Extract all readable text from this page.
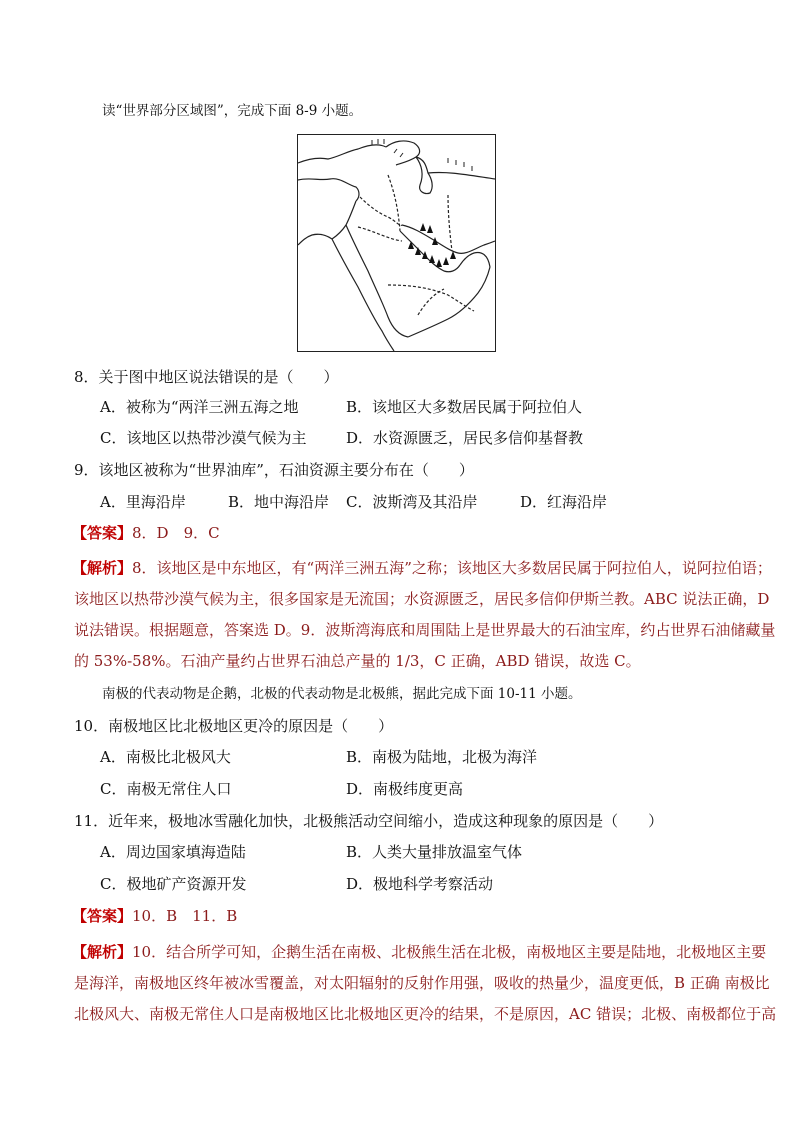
读“世界部分区域图”，完成下面 8-9 小题。
8．关于图中地区说法错误的是（　　）
A．被称为“两洋三洲五海之地	B．该地区大多数居民属于阿拉伯人
C．该地区以热带沙漠气候为主	D．水资源匮乏，居民多信仰基督教
9．该地区被称为“世界油库”，石油资源主要分布在（　　）
A．里海沿岸	B．地中海沿岸 C．波斯湾及其沿岸	D．红海沿岸
【答案】8．D　9．C
【解析】8．该地区是中东地区，有“两洋三洲五海”之称；该地区大多数居民属于阿拉伯人，说阿拉伯语；
该地区以热带沙漠气候为主，很多国家是无流国；水资源匮乏，居民多信仰伊斯兰教。ABC 说法正确，D
说法错误。根据题意，答案选 D。9．波斯湾海底和周围陆上是世界最大的石油宝库，约占世界石油储藏量
的 53%-58%。石油产量约占世界石油总产量的 1/3，C 正确，ABD 错误，故选 C。
南极的代表动物是企鹅，北极的代表动物是北极熊，据此完成下面 10-11 小题。
10．南极地区比北极地区更冷的原因是（　　）
A．南极比北极风大	B．南极为陆地，北极为海洋
C．南极无常住人口	D．南极纬度更高
11．近年来，极地冰雪融化加快，北极熊活动空间缩小，造成这种现象的原因是（　　）
A．周边国家填海造陆	B．人类大量排放温室气体
C．极地矿产资源开发	D．极地科学考察活动
【答案】10．B　11．B
【解析】10．结合所学可知，企鹅生活在南极、北极熊生活在北极，南极地区主要是陆地，北极地区主要
是海洋，南极地区终年被冰雪覆盖，对太阳辐射的反射作用强，吸收的热量少，温度更低，B 正确 南极比
北极风大、南极无常住人口是南极地区比北极地区更冷的结果，不是原因，AC 错误；北极、南极都位于高
